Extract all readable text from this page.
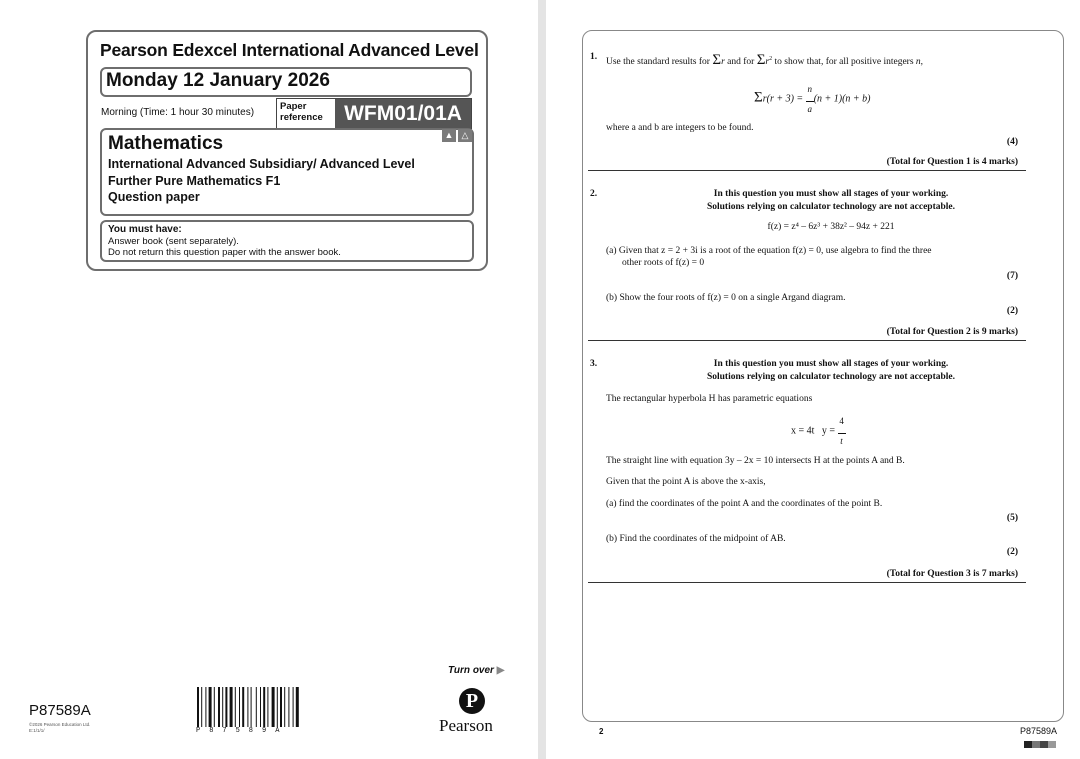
Pearson Edexcel International Advanced Level
Monday 12 January 2026
Morning (Time: 1 hour 30 minutes)
Paper
reference	WFM01/01A
▲ △
Mathematics
International Advanced Subsidiary/ Advanced Level
Further Pure Mathematics F1
Question paper
You must have:
Answer book (sent separately).
Do not return this question paper with the answer book.
Turn over ▶
P87589A
©2026 Pearson Education Ltd.
E:1/1/1/	P87589A
P
Pearson
1. Use the standard results for Σr and for $\Sigma r^2$ to show that, for all positive integers n,
$\Sigma r(r + 3) = \frac{n}{a}(n + 1)(n + b)$
where a and b are integers to be found.
(4)
(Total for Question 1 is 4 marks)
2.	In this question you must show all stages of your working.
Solutions relying on calculator technology are not acceptable.
f(z) = z⁴ – 6z³ + 38z² – 94z + 221
(a) Given that z = 2 + 3i is a root of the equation f(z) = 0, use algebra to find the three
other roots of f(z) = 0
(7)
(b) Show the four roots of f(z) = 0 on a single Argand diagram.
(2)
(Total for Question 2 is 9 marks)
3.	In this question you must show all stages of your working.
Solutions relying on calculator technology are not acceptable.
The rectangular hyperbola H has parametric equations
x = 4t $y = \frac{4}{t}$
The straight line with equation 3y – 2x = 10 intersects H at the points A and B.
Given that the point A is above the x-axis,
(a) find the coordinates of the point A and the coordinates of the point B.
(5)
(b) Find the coordinates of the midpoint of AB.
(2)
(Total for Question 3 is 7 marks)
2	P87589A
